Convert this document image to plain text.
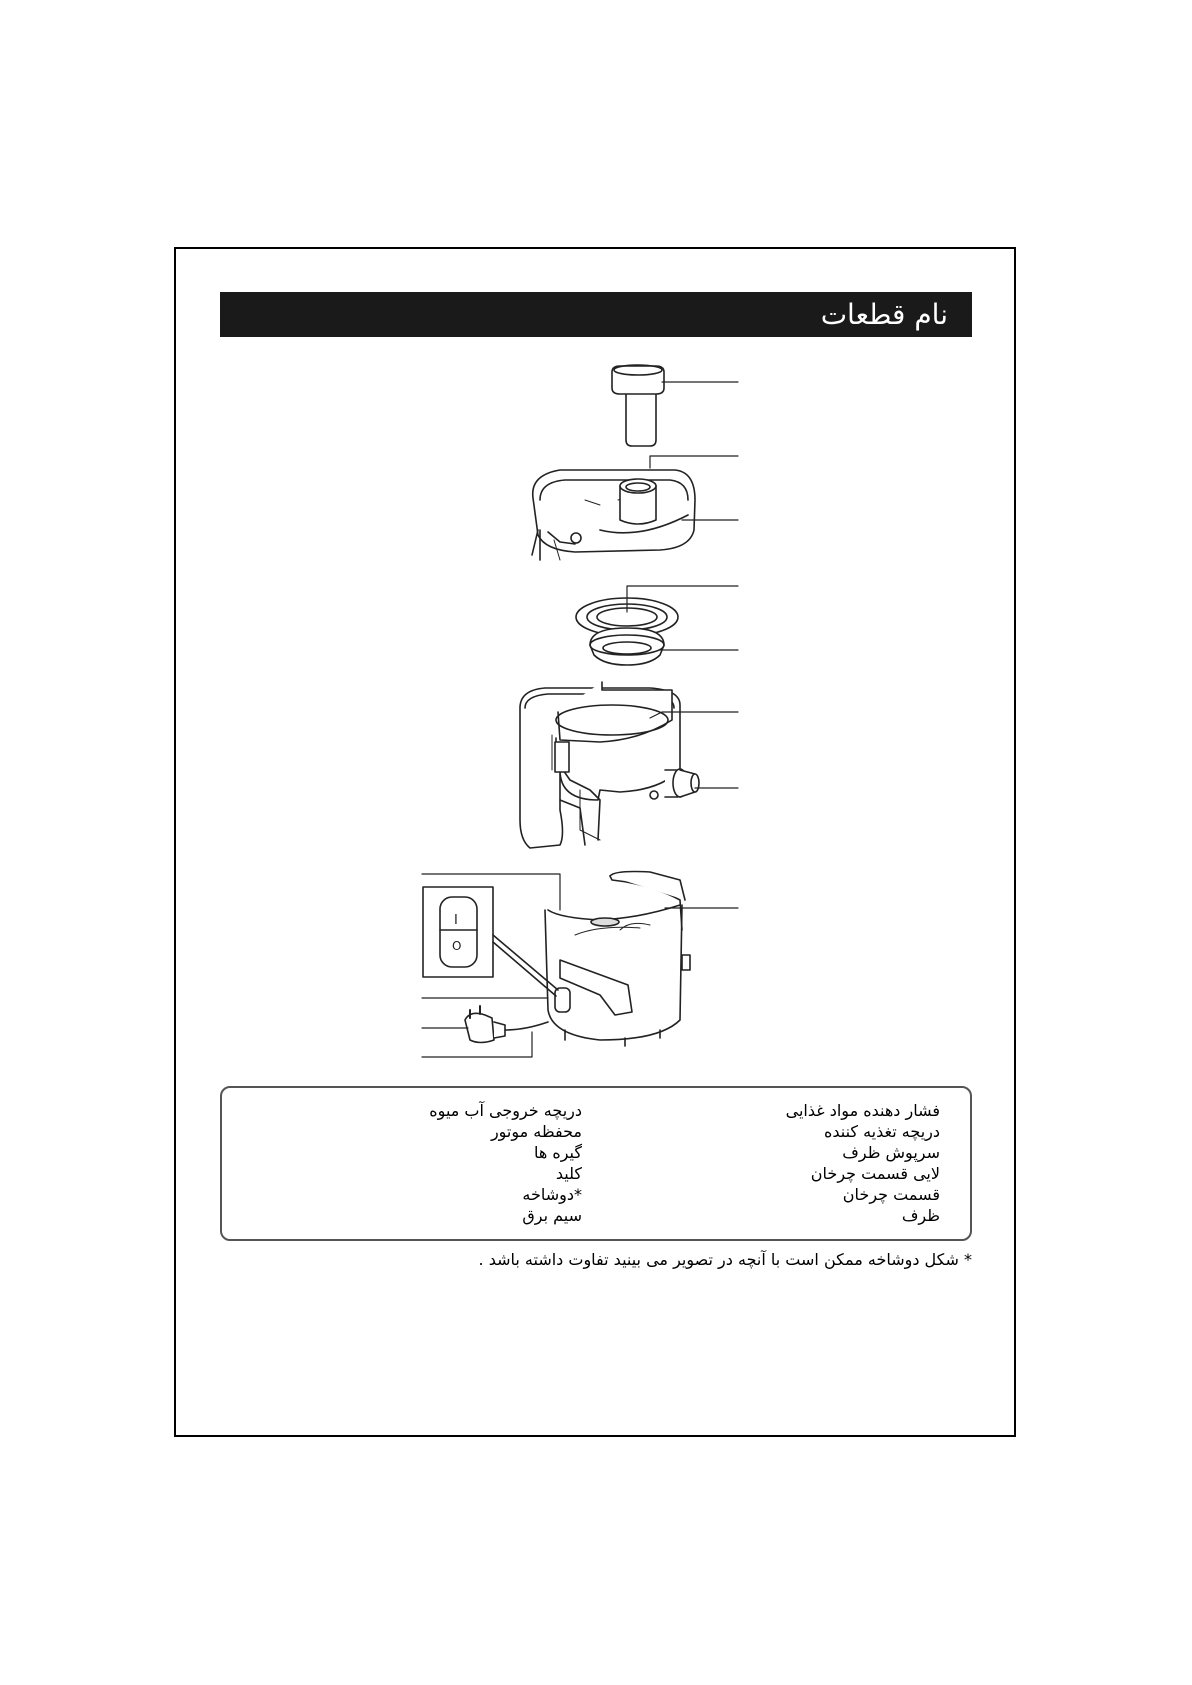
نام قطعات
I
O
فشار دهنده مواد غذایی
دریچه تغذیه کننده
سرپوش ظرف
لایی قسمت چرخان
قسمت چرخان
ظرف
دریچه خروجی آب میوه
محفظه موتور
گیره ها
کلید
*دوشاخه
سیم برق
* شکل دوشاخه ممکن است با آنچه در تصویر می بینید تفاوت داشته باشد .
